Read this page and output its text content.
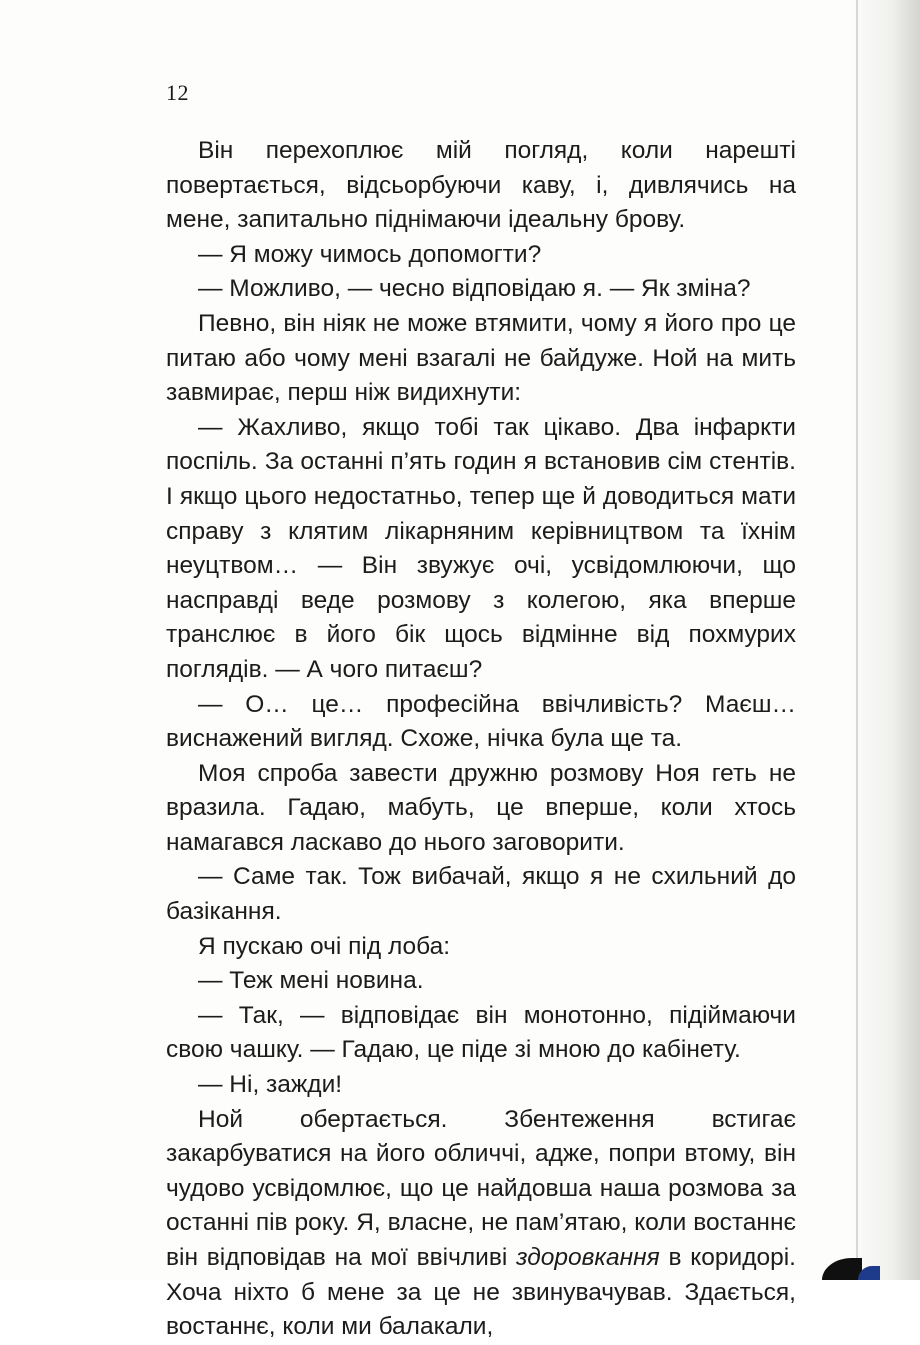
12

Він перехоплює мій погляд, коли нарешті повертається, відсьорбуючи каву, і, дивлячись на мене, запитально піднімаючи ідеальну брову.

— Я можу чимось допомогти?

— Можливо, — чесно відповідаю я. — Як зміна?

Певно, він ніяк не може втямити, чому я його про це питаю або чому мені взагалі не байдуже. Ной на мить завмирає, перш ніж видихнути:

— Жахливо, якщо тобі так цікаво. Два інфаркти поспіль. За останні п’ять годин я встановив сім стентів. І якщо цього недостатньо, тепер ще й доводиться мати справу з клятим лікарняним керівництвом та їхнім неуцтвом… — Він звужує очі, усвідомлюючи, що насправді веде розмову з колегою, яка вперше транслює в його бік щось відмінне від похмурих поглядів. — А чого питаєш?

— О… це… професійна ввічливість? Маєш… виснажений вигляд. Схоже, нічка була ще та.

Моя спроба завести дружню розмову Ноя геть не вразила. Гадаю, мабуть, це вперше, коли хтось намагався ласкаво до нього заговорити.

— Саме так. Тож вибачай, якщо я не схильний до базікання.

Я пускаю очі під лоба:

— Теж мені новина.

— Так, — відповідає він монотонно, підіймаючи свою чашку. — Гадаю, це піде зі мною до кабінету.

— Ні, зажди!

Ной обертається. Збентеження встигає закарбуватися на його обличчі, адже, попри втому, він чудово усвідомлює, що це найдовша наша розмова за останні пів року. Я, власне, не пам’ятаю, коли востаннє він відповідав на мої ввічливі здоровкання в коридорі. Хоча ніхто б мене за це не звинувачував. Здається, востаннє, коли ми балакали,
